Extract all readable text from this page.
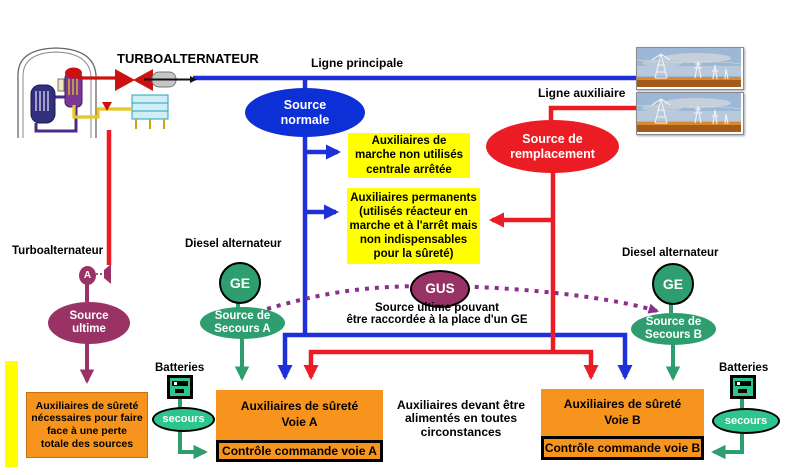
TURBOALTERNATEUR	Ligne principale
Ligne auxiliaire
Source
normale
Source de
remplacement
Auxiliaires de
marche non utilisés
centrale arrêtée
Auxiliaires permanents
(utilisés réacteur en
marche et à l'arrêt mais
non indispensables
pour la sûreté)
Diesel alternateur
Diesel alternateur
GE	GE
Source de
Secours A
Source de
Secours B
GUS
Source ultime pouvant
être raccordée à la place d'un GE
Turboalternateur
A
Source
ultime
Auxiliaires de sûreté
nécessaires pour faire
face à une perte
totale des sources
Batteries
secours
Batteries
secours
Auxiliaires de sûreté
Voie A
Contrôle commande voie A
Auxiliaires de sûreté
Voie B
Contrôle commande voie B
Auxiliaires devant être
alimentés en toutes
circonstances
